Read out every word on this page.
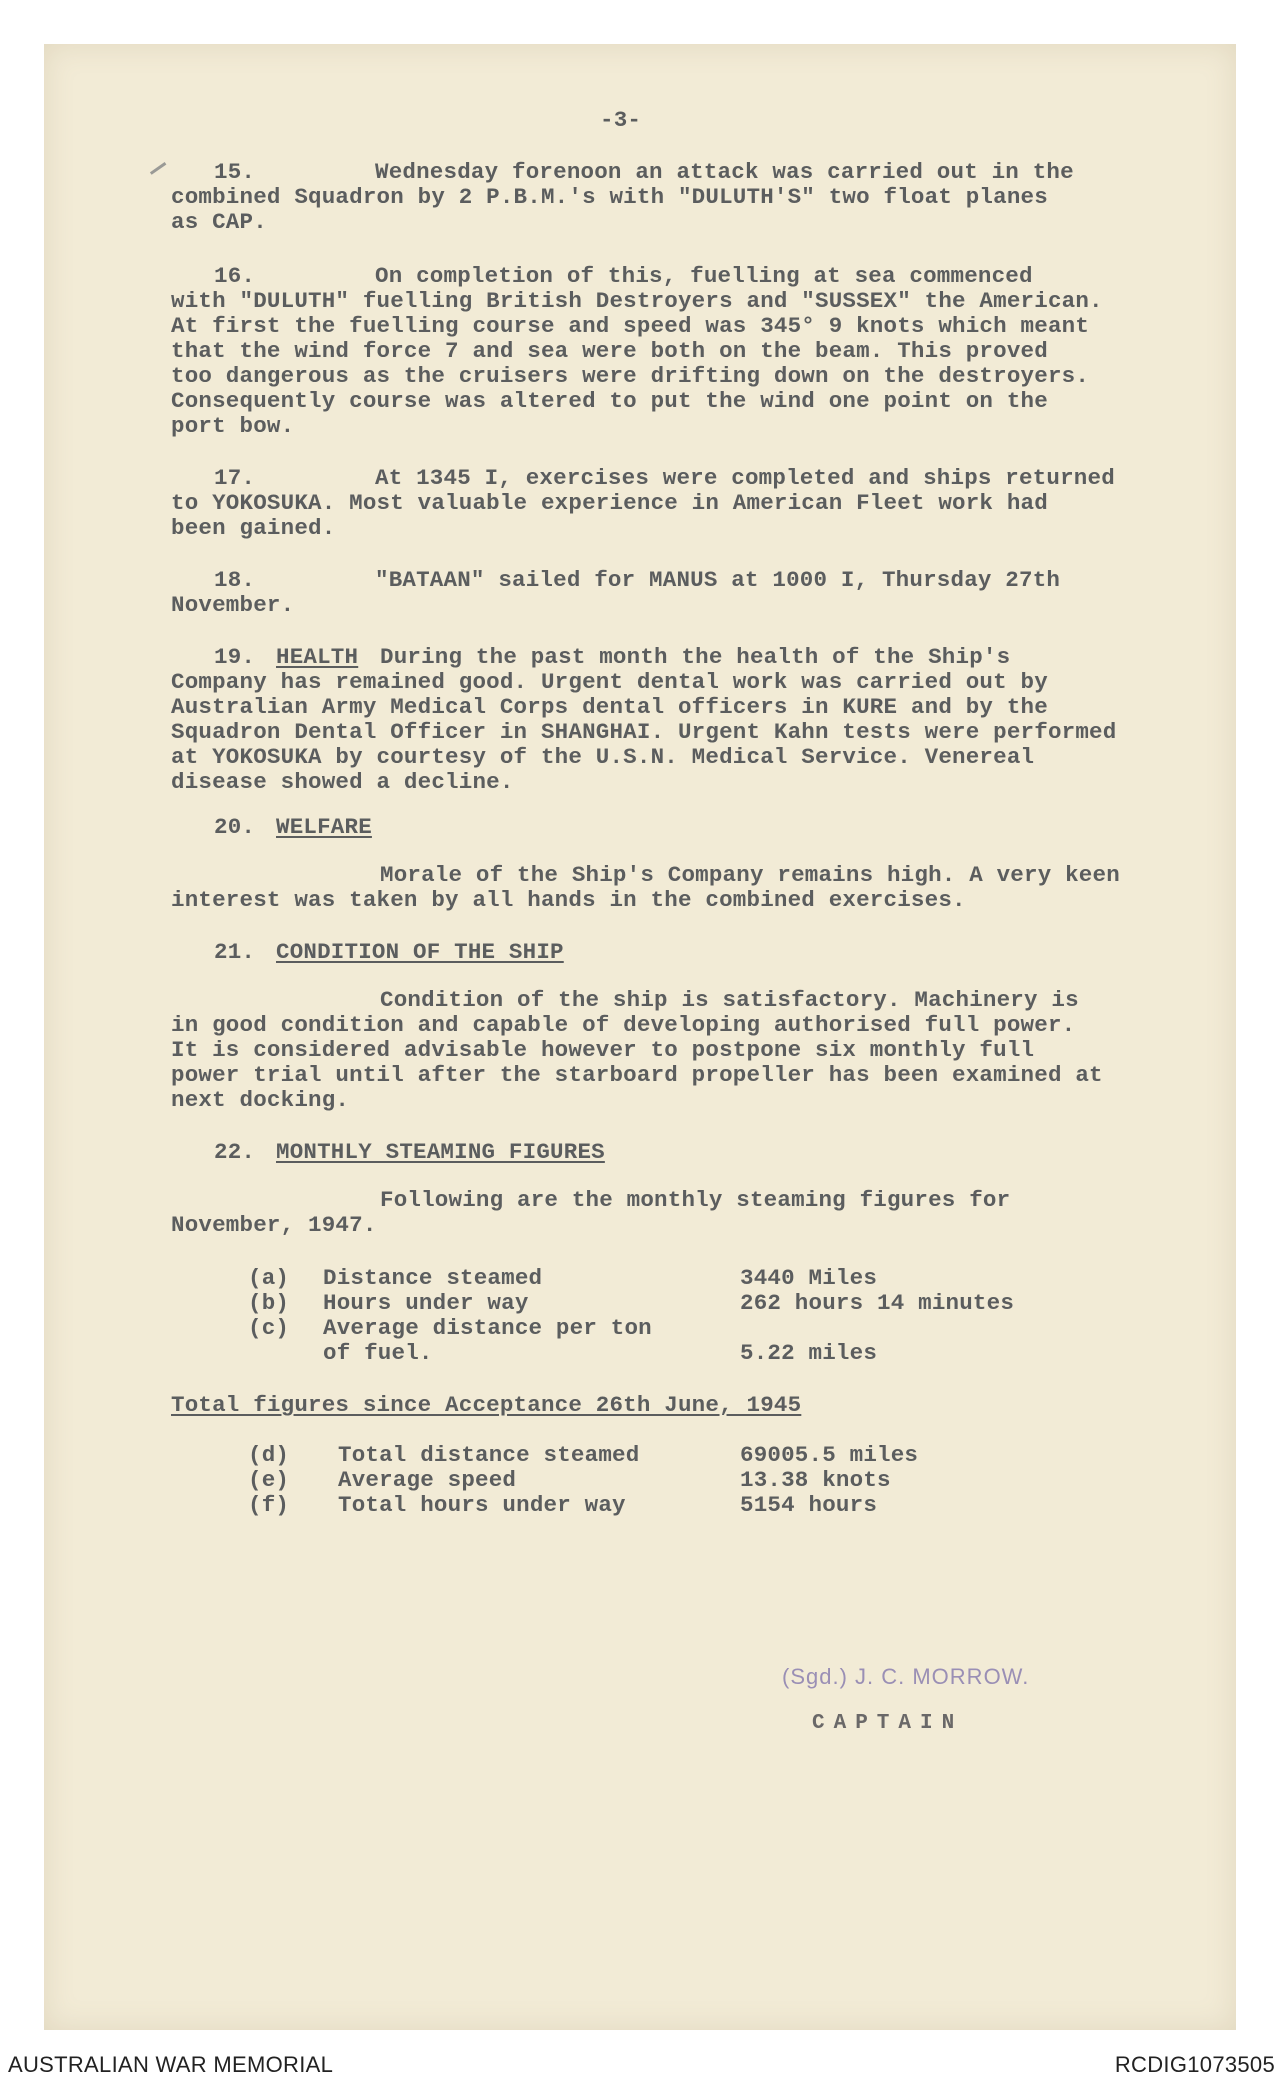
-3-
15.	Wednesday forenoon an attack was carried out in the
combined Squadron by 2 P.B.M.'s with "DULUTH'S" two float planes
as CAP.
16.	On completion of this, fuelling at sea commenced
with "DULUTH" fuelling British Destroyers and "SUSSEX" the American.
At first the fuelling course and speed was 345° 9 knots which meant
that the wind force 7 and sea were both on the beam. This proved
too dangerous as the cruisers were drifting down on the destroyers.
Consequently course was altered to put the wind one point on the
port bow.
17.	At 1345 I, exercises were completed and ships returned
to YOKOSUKA. Most valuable experience in American Fleet work had
been gained.
18.	"BATAAN" sailed for MANUS at 1000 I, Thursday 27th
November.
19. HEALTH During the past month the health of the Ship's
Company has remained good. Urgent dental work was carried out by
Australian Army Medical Corps dental officers in KURE and by the
Squadron Dental Officer in SHANGHAI. Urgent Kahn tests were performed
at YOKOSUKA by courtesy of the U.S.N. Medical Service. Venereal
disease showed a decline.
20. WELFARE
Morale of the Ship's Company remains high. A very keen
interest was taken by all hands in the combined exercises.
21. CONDITION OF THE SHIP
Condition of the ship is satisfactory. Machinery is
in good condition and capable of developing authorised full power.
It is considered advisable however to postpone six monthly full
power trial until after the starboard propeller has been examined at
next docking.
22. MONTHLY STEAMING FIGURES
Following are the monthly steaming figures for
November, 1947.
(a) Distance steamed	3440 Miles
(b) Hours under way	262 hours 14 minutes
(c) Average distance per ton
of fuel.	5.22 miles
Total figures since Acceptance 26th June, 1945
(d) Total distance steamed	69005.5 miles
(e) Average speed	13.38 knots
(f) Total hours under way	5154 hours
(Sgd.) J. C. MORROW.
CAPTAIN
AUSTRALIAN WAR MEMORIAL	RCDIG1073505
